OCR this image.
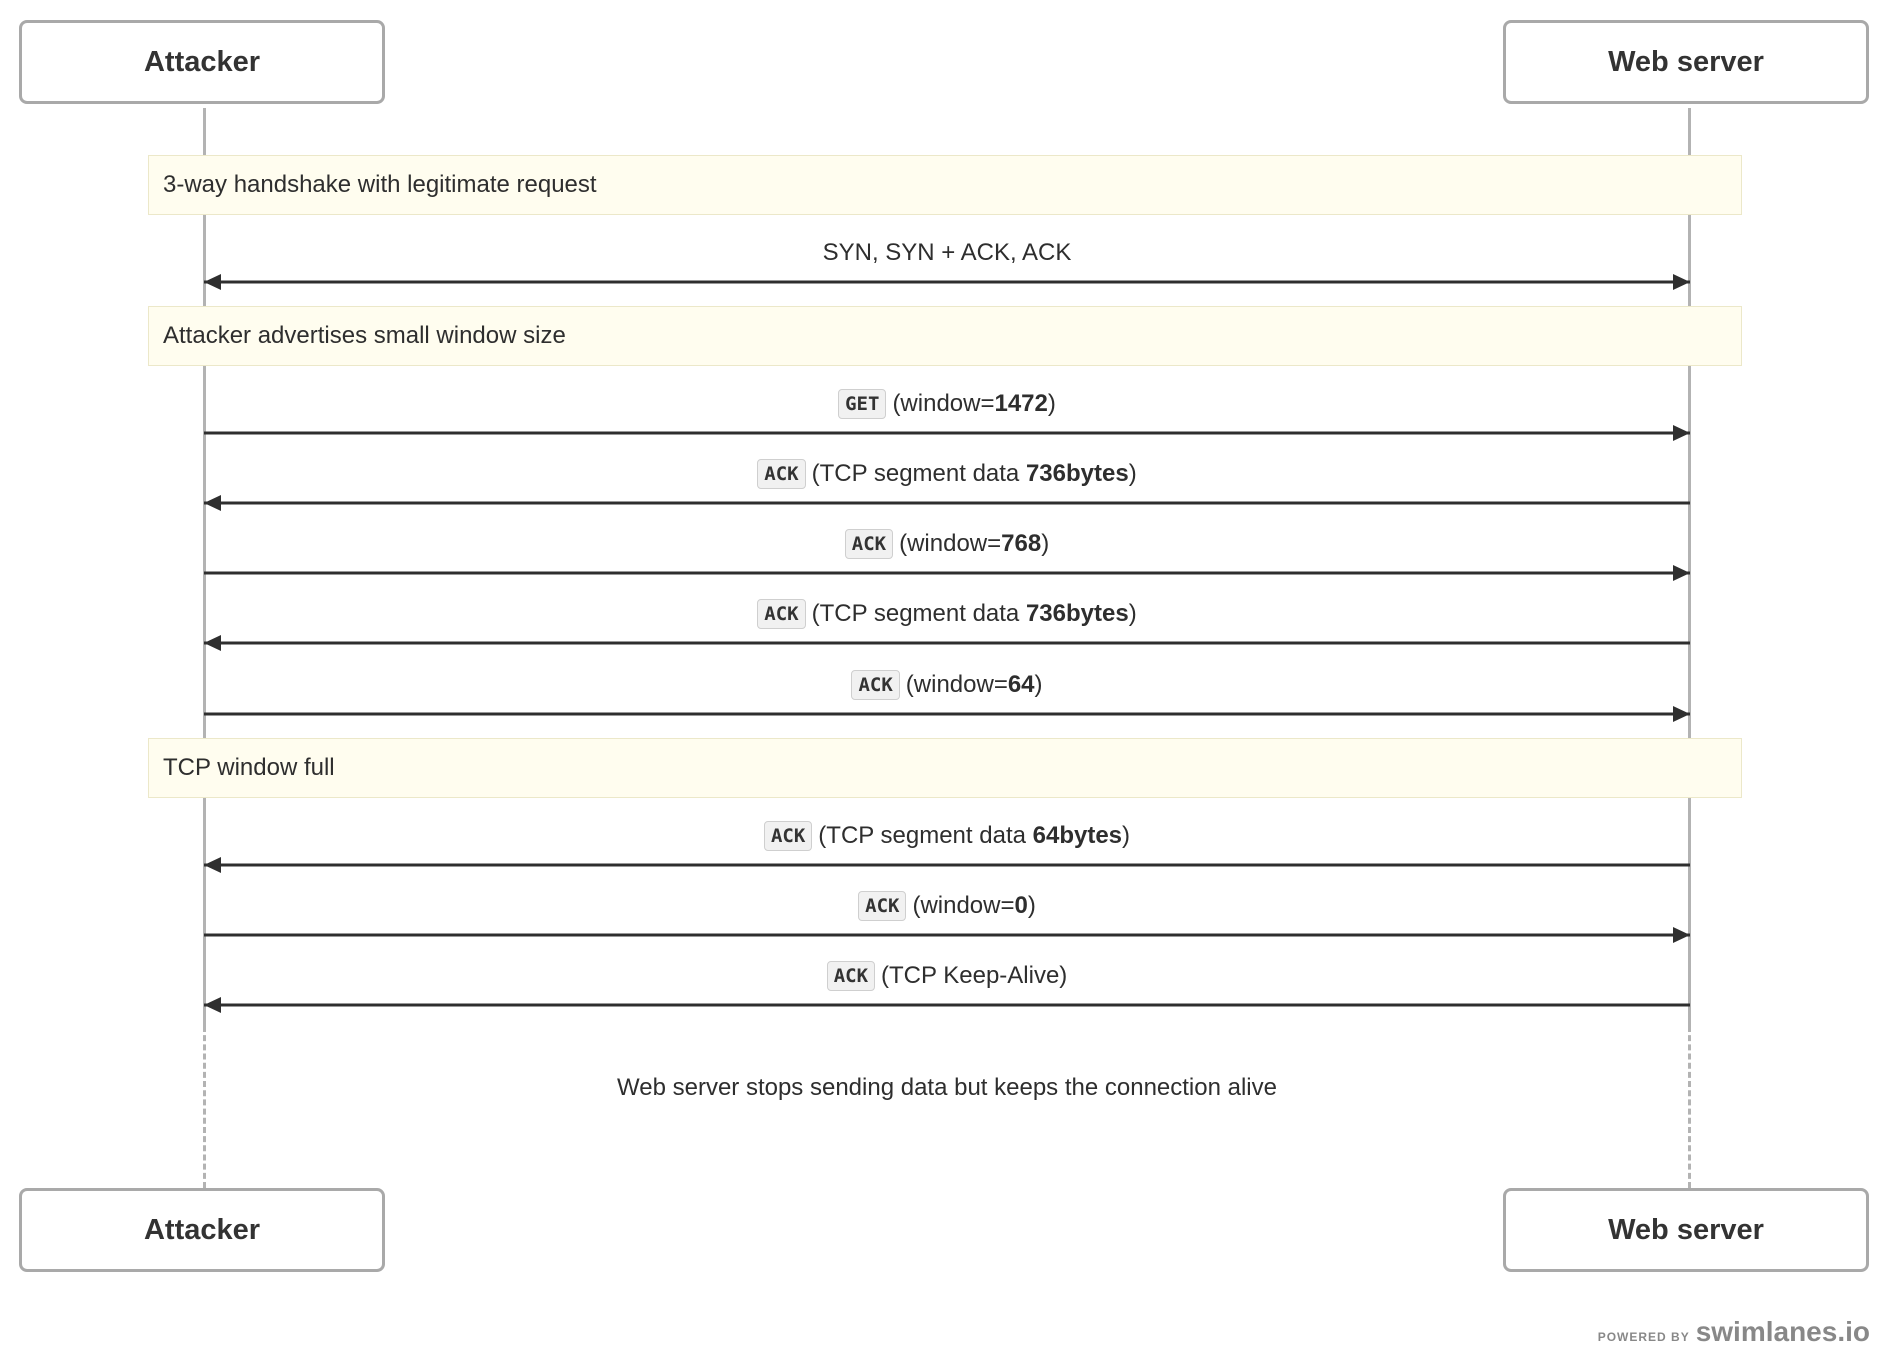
Attacker	Web server
3-way handshake with legitimate request
Attacker advertises small window size
TCP window full
SYN, SYN + ACK, ACK
GET (window=1472)
ACK (TCP segment data 736bytes)
ACK (window=768)
ACK (TCP segment data 736bytes)
ACK (window=64)
ACK (TCP segment data 64bytes)
ACK (window=0)
ACK (TCP Keep-Alive)
Web server stops sending data but keeps the connection alive
Attacker	Web server
POWERED BY swimlanes.io
